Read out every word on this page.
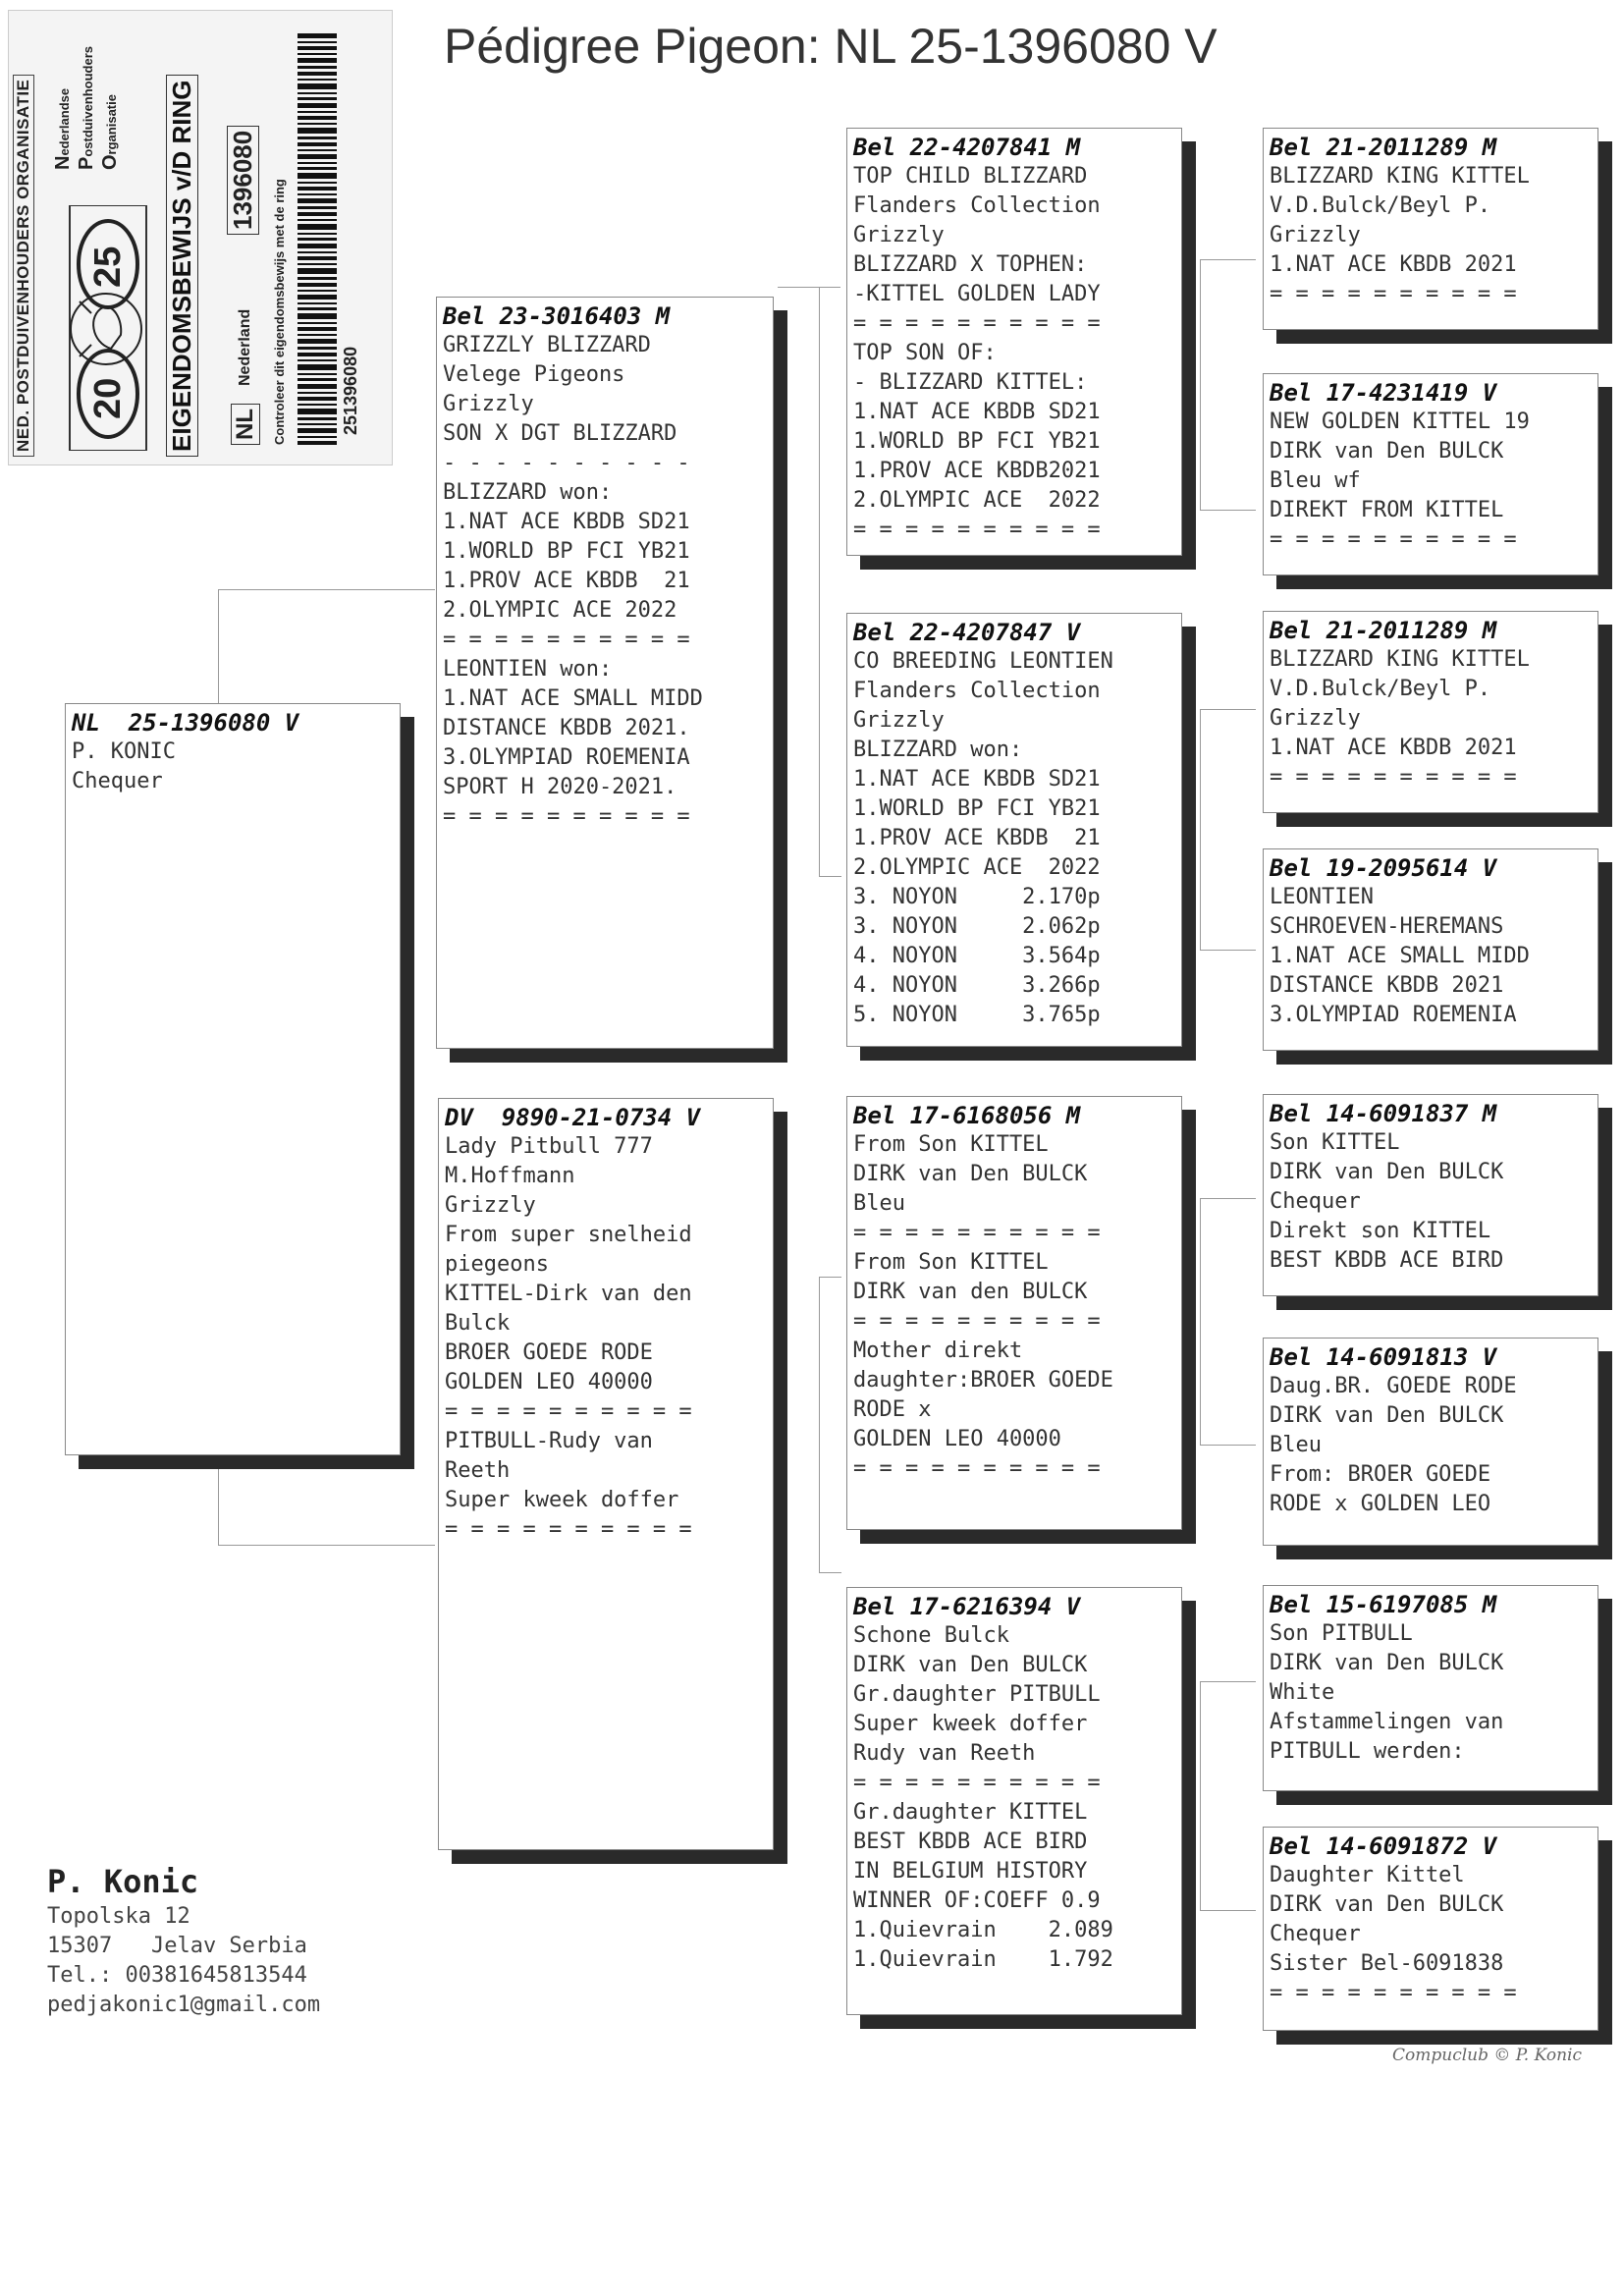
Pédigree Pigeon: NL 25-1396080 V
NED. POSTDUIVENHOUDERS ORGANISATIE 20
25 EIGENDOMSBEWIJS v/D RING
Nederlandse
Postduivenhouders
Organisatie
NL
Nederland
1396080 Controleer dit eigendomsbewijs met de ring	251396080
NL  25-1396080 V
P. KONIC
Chequer
Bel 23-3016403 M
GRIZZLY BLIZZARD
Velege Pigeons
Grizzly
SON X DGT BLIZZARD
- - - - - - - - - -
BLIZZARD won:
1.NAT ACE KBDB SD21
1.WORLD BP FCI YB21
1.PROV ACE KBDB  21
2.OLYMPIC ACE 2022
= = = = = = = = = =
LEONTIEN won:
1.NAT ACE SMALL MIDD
DISTANCE KBDB 2021.
3.OLYMPIAD ROEMENIA
SPORT H 2020-2021.
= = = = = = = = = =
DV  9890-21-0734 V
Lady Pitbull 777
M.Hoffmann
Grizzly
From super snelheid
piegeons
KITTEL-Dirk van den
Bulck
BROER GOEDE RODE
GOLDEN LEO 40000
= = = = = = = = = =
PITBULL-Rudy van
Reeth
Super kweek doffer
= = = = = = = = = =
Bel 22-4207841 M
TOP CHILD BLIZZARD
Flanders Collection
Grizzly
BLIZZARD X TOPHEN:
-KITTEL GOLDEN LADY
= = = = = = = = = =
TOP SON OF:
- BLIZZARD KITTEL:
1.NAT ACE KBDB SD21
1.WORLD BP FCI YB21
1.PROV ACE KBDB2021
2.OLYMPIC ACE  2022
= = = = = = = = = =
Bel 22-4207847 V
CO BREEDING LEONTIEN
Flanders Collection
Grizzly
BLIZZARD won:
1.NAT ACE KBDB SD21
1.WORLD BP FCI YB21
1.PROV ACE KBDB  21
2.OLYMPIC ACE  2022
3. NOYON     2.170p
3. NOYON     2.062p
4. NOYON     3.564p
4. NOYON     3.266p
5. NOYON     3.765p
Bel 17-6168056 M
From Son KITTEL
DIRK van Den BULCK
Bleu
= = = = = = = = = =
From Son KITTEL
DIRK van den BULCK
= = = = = = = = = =
Mother direkt
daughter:BROER GOEDE
RODE x
GOLDEN LEO 40000
= = = = = = = = = =
Bel 17-6216394 V
Schone Bulck
DIRK van Den BULCK
Gr.daughter PITBULL
Super kweek doffer
Rudy van Reeth
= = = = = = = = = =
Gr.daughter KITTEL
BEST KBDB ACE BIRD
IN BELGIUM HISTORY
WINNER OF:COEFF 0.9
1.Quievrain    2.089
1.Quievrain    1.792
Bel 21-2011289 M
BLIZZARD KING KITTEL
V.D.Bulck/Beyl P.
Grizzly
1.NAT ACE KBDB 2021
= = = = = = = = = =
Bel 17-4231419 V
NEW GOLDEN KITTEL 19
DIRK van Den BULCK
Bleu wf
DIREKT FROM KITTEL
= = = = = = = = = =
Bel 21-2011289 M
BLIZZARD KING KITTEL
V.D.Bulck/Beyl P.
Grizzly
1.NAT ACE KBDB 2021
= = = = = = = = = =
Bel 19-2095614 V
LEONTIEN
SCHROEVEN-HEREMANS
1.NAT ACE SMALL MIDD
DISTANCE KBDB 2021
3.OLYMPIAD ROEMENIA
Bel 14-6091837 M
Son KITTEL
DIRK van Den BULCK
Chequer
Direkt son KITTEL
BEST KBDB ACE BIRD
Bel 14-6091813 V
Daug.BR. GOEDE RODE
DIRK van Den BULCK
Bleu
From: BROER GOEDE
RODE x GOLDEN LEO
Bel 15-6197085 M
Son PITBULL
DIRK van Den BULCK
White
Afstammelingen van
PITBULL werden:
Bel 14-6091872 V
Daughter Kittel
DIRK van Den BULCK
Chequer
Sister Bel-6091838
= = = = = = = = = =
P. Konic
Topolska 12
15307   Jelav Serbia
Tel.: 00381645813544
pedjakonic1@gmail.com
Compuclub © P. Konic
